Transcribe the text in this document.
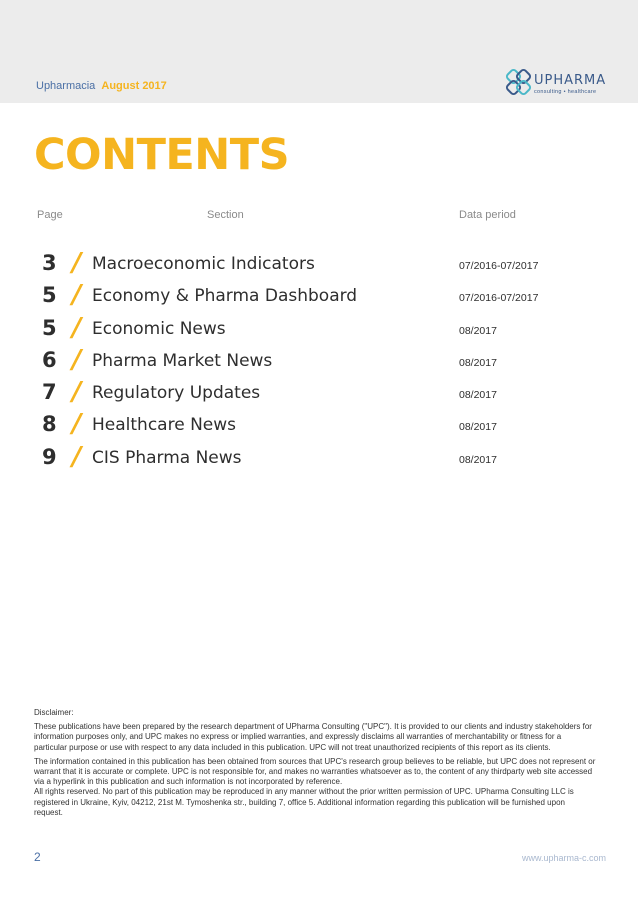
Upharmacia August 2017	UPHARMA
consulting • healthcare
CONTENTS
Page	Section	Data period
3 / Macroeconomic Indicators	07/2016-07/2017
5 / Economy & Pharma Dashboard	07/2016-07/2017
5 / Economic News	08/2017
6 / Pharma Market News	08/2017
7 / Regulatory Updates	08/2017
8 / Healthcare News	08/2017
9 / CIS Pharma News	08/2017

Disclaimer:

These publications have been prepared by the research department of UPharma Consulting ("UPC"). It is provided to our clients and industry stakeholders for information purposes only, and UPC makes no express or implied warranties, and expressly disclaims all warranties of merchantability or fitness for a particular purpose or use with respect to any data included in this publication. UPC will not treat unauthorized recipients of this report as its clients.

The information contained in this publication has been obtained from sources that UPC's research group believes to be reliable, but UPC does not represent or warrant that it is accurate or complete. UPC is not responsible for, and makes no warranties whatsoever as to, the content of any thirdparty web site accessed via a hyperlink in this publication and such information is not incorporated by reference.

All rights reserved. No part of this publication may be reproduced in any manner without the prior written permission of UPC. UPharma Consulting LLC is registered in Ukraine, Kyiv, 04212, 21st M. Tymoshenka str., building 7, office 5. Additional information regarding this publication will be furnished upon request.

2	www.upharma-c.com
